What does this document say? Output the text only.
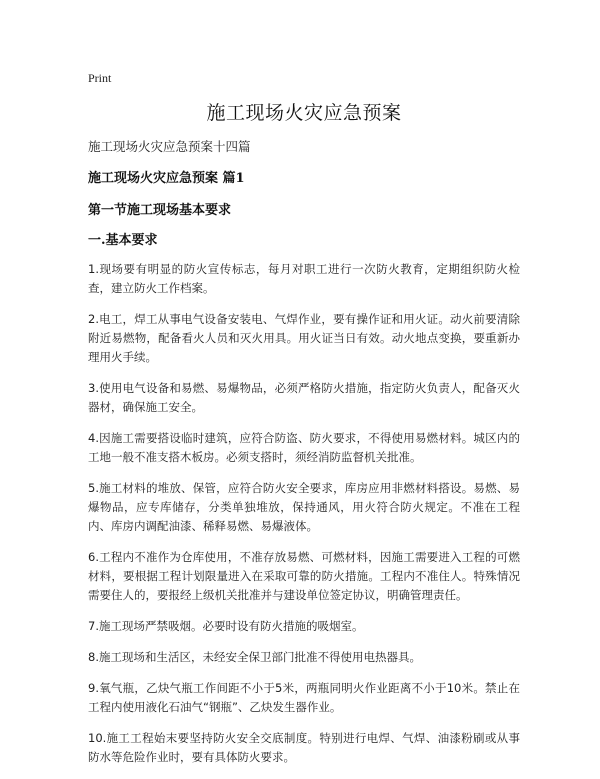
Print
施工现场火灾应急预案
施工现场火灾应急预案十四篇
施工现场火灾应急预案 篇1
第一节施工现场基本要求
一.基本要求

1.现场要有明显的防火宣传标志，每月对职工进行一次防火教育，定期组织防火检查，建立防火工作档案。

2.电工，焊工从事电气设备安装电、气焊作业，要有操作证和用火证。动火前要清除附近易燃物，配备看火人员和灭火用具。用火证当日有效。动火地点变换，要重新办理用火手续。

3.使用电气设备和易燃、易爆物品，必须严格防火措施，指定防火负责人，配备灭火器材，确保施工安全。

4.因施工需要搭设临时建筑，应符合防盗、防火要求，不得使用易燃材料。城区内的工地一般不准支搭木板房。必须支搭时，须经消防监督机关批准。

5.施工材料的堆放、保管，应符合防火安全要求，库房应用非燃材料搭设。易燃、易爆物品，应专库储存，分类单独堆放，保持通风，用火符合防火规定。不准在工程内、库房内调配油漆、稀释易燃、易爆液体。

6.工程内不准作为仓库使用，不准存放易燃、可燃材料，因施工需要进入工程的可燃材料，要根据工程计划限量进入在采取可靠的防火措施。工程内不准住人。特殊情况需要住人的，要报经上级机关批准并与建设单位签定协议，明确管理责任。

7.施工现场严禁吸烟。必要时设有防火措施的吸烟室。

8.施工现场和生活区，未经安全保卫部门批准不得使用电热器具。

9.氧气瓶，乙炔气瓶工作间距不小于5米，两瓶同明火作业距离不小于10米。禁止在工程内使用液化石油气“钢瓶”、乙炔发生器作业。

10.施工工程始末要坚持防火安全交底制度。特别进行电焊、气焊、油漆粉刷或从事防水等危险作业时，要有具体防火要求。
